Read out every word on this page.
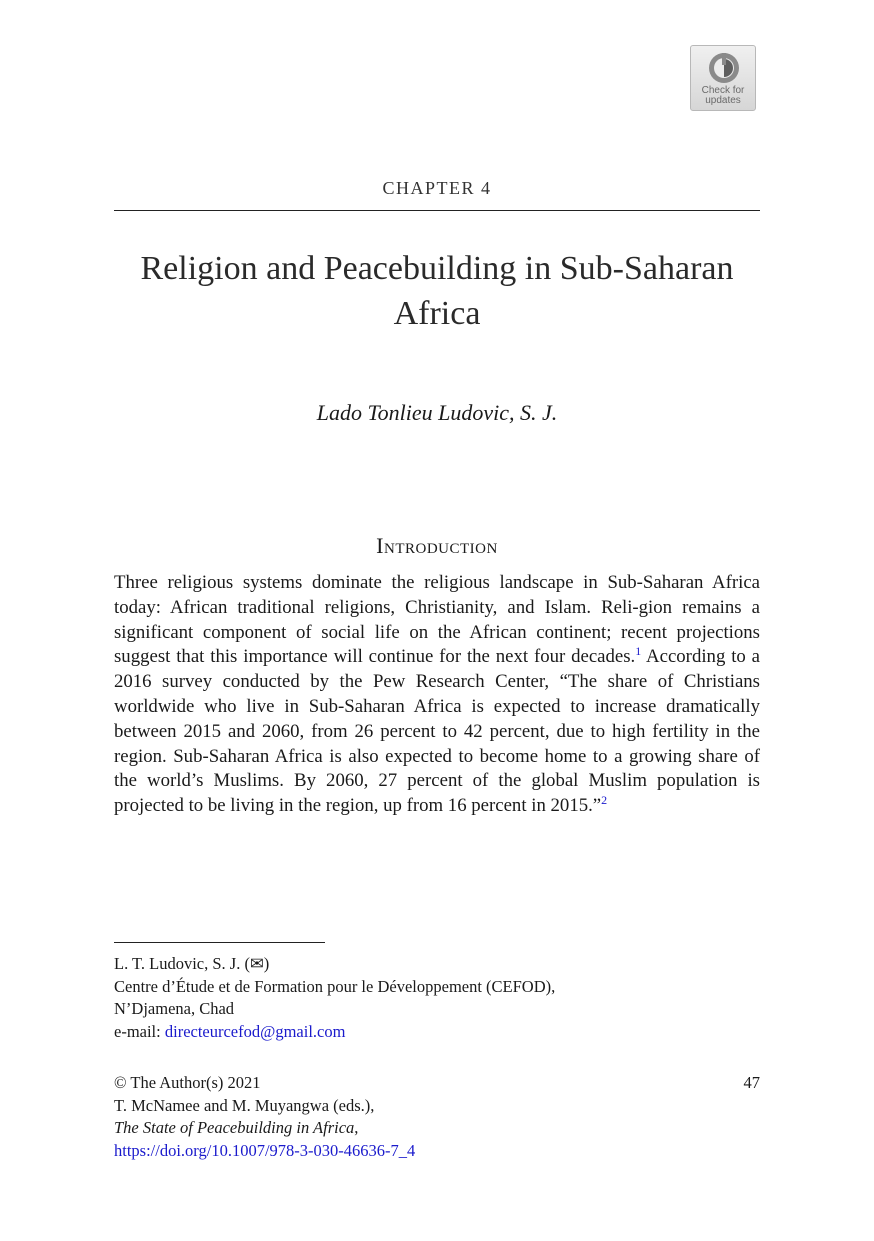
Check for
updates
CHAPTER 4
Religion and Peacebuilding in Sub-Saharan
Africa
Lado Tonlieu Ludovic, S. J.
Introduction
Three religious systems dominate the religious landscape in Sub-Saharan Africa today: African traditional religions, Christianity, and Islam. Reli-gion remains a significant component of social life on the African continent; recent projections suggest that this importance will continue for the next four decades.$^1$ According to a 2016 survey conducted by the Pew Research Center, “The share of Christians worldwide who live in Sub-Saharan Africa is expected to increase dramatically between 2015 and 2060, from 26 percent to 42 percent, due to high fertility in the region. Sub-Saharan Africa is also expected to become home to a growing share of the world’s Muslims. By 2060, 27 percent of the global Muslim population is projected to be living in the region, up from 16 percent in 2015.”$^2$
L. T. Ludovic, S. J. (✉)
Centre d’Étude et de Formation pour le Développement (CEFOD),
N’Djamena, Chad
e-mail: directeurcefod@gmail.com
© The Author(s) 2021
T. McNamee and M. Muyangwa (eds.),
The State of Peacebuilding in Africa,
https://doi.org/10.1007/978-3-030-46636-7_4
47
